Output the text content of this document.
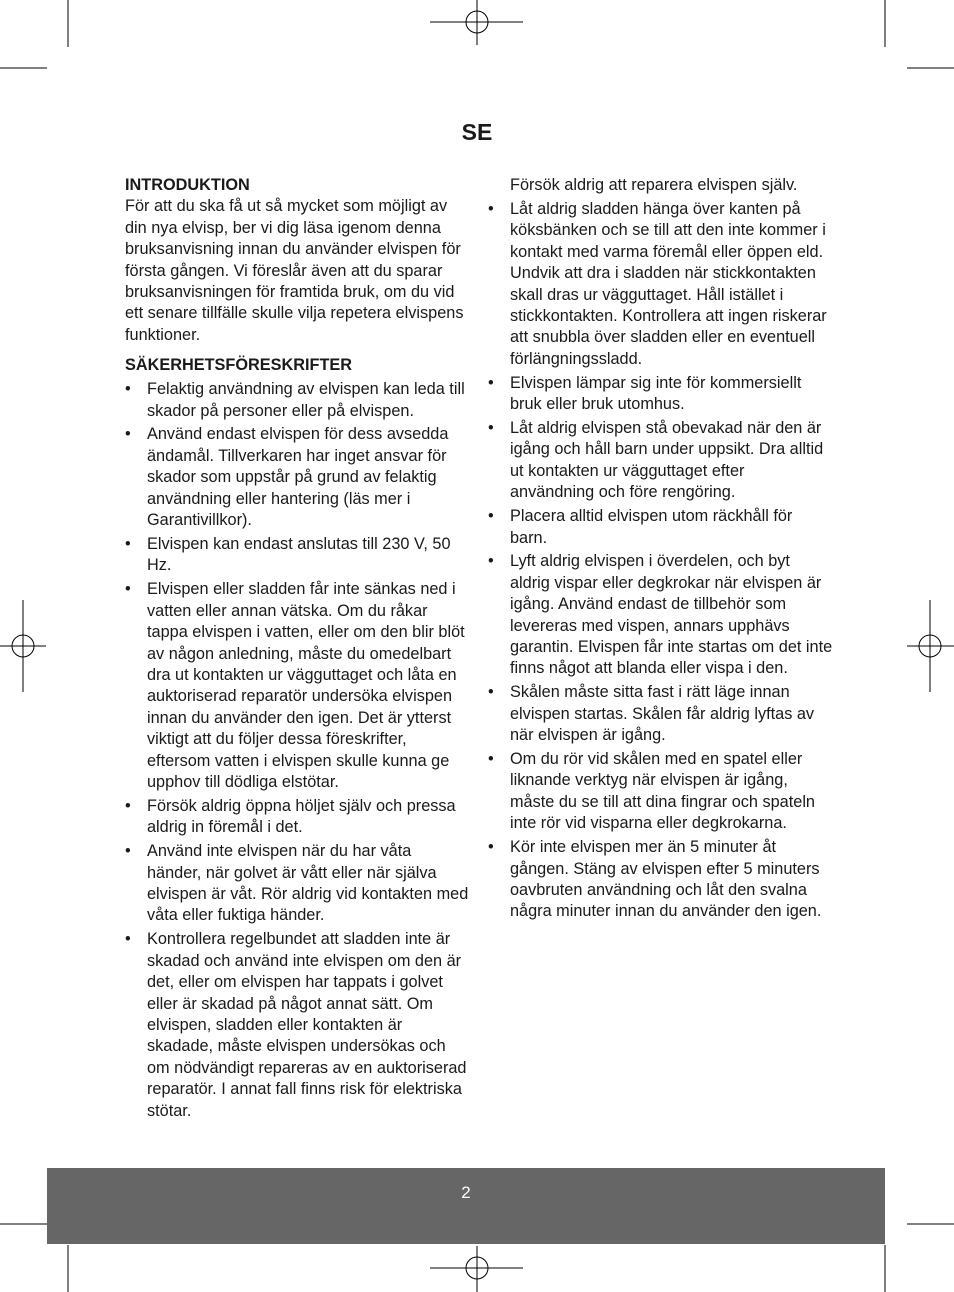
SE

INTRODUKTION

För att du ska få ut så mycket som möjligt av din nya elvisp, ber vi dig läsa igenom denna bruksanvisning innan du använder elvispen för första gången. Vi föreslår även att du sparar bruksanvisningen för framtida bruk, om du vid ett senare tillfälle skulle vilja repetera elvispens funktioner.

SÄKERHETSFÖRESKRIFTER

• Felaktig användning av elvispen kan leda till skador på personer eller på elvispen.
• Använd endast elvispen för dess avsedda ändamål. Tillverkaren har inget ansvar för skador som uppstår på grund av felaktig användning eller hantering (läs mer i Garantivillkor).
• Elvispen kan endast anslutas till 230 V, 50 Hz.
• Elvispen eller sladden får inte sänkas ned i vatten eller annan vätska. Om du råkar tappa elvispen i vatten, eller om den blir blöt av någon anledning, måste du omedelbart dra ut kontakten ur vägguttaget och låta en auktoriserad reparatör undersöka elvispen innan du använder den igen. Det är ytterst viktigt att du följer dessa föreskrifter, eftersom vatten i elvispen skulle kunna ge upphov till dödliga elstötar.
• Försök aldrig öppna höljet själv och pressa aldrig in föremål i det.
• Använd inte elvispen när du har våta händer, när golvet är vått eller när själva elvispen är våt. Rör aldrig vid kontakten med våta eller fuktiga händer.
• Kontrollera regelbundet att sladden inte är skadad och använd inte elvispen om den är det, eller om elvispen har tappats i golvet eller är skadad på något annat sätt. Om elvispen, sladden eller kontakten är skadade, måste elvispen undersökas och om nödvändigt repareras av en auktoriserad reparatör. I annat fall finns risk för elektriska stötar.

Försök aldrig att reparera elvispen själv.

• Låt aldrig sladden hänga över kanten på köksbänken och se till att den inte kommer i kontakt med varma föremål eller öppen eld. Undvik att dra i sladden när stickkontakten skall dras ur vägguttaget. Håll istället i stickkontakten. Kontrollera att ingen riskerar att snubbla över sladden eller en eventuell förlängningssladd.
• Elvispen lämpar sig inte för kommersiellt bruk eller bruk utomhus.
• Låt aldrig elvispen stå obevakad när den är igång och håll barn under uppsikt. Dra alltid ut kontakten ur vägguttaget efter användning och före rengöring.
• Placera alltid elvispen utom räckhåll för barn.
• Lyft aldrig elvispen i överdelen, och byt aldrig vispar eller degkrokar när elvispen är igång. Använd endast de tillbehör som levereras med vispen, annars upphävs garantin. Elvispen får inte startas om det inte finns något att blanda eller vispa i den.
• Skålen måste sitta fast i rätt läge innan elvispen startas. Skålen får aldrig lyftas av när elvispen är igång.
• Om du rör vid skålen med en spatel eller liknande verktyg när elvispen är igång, måste du se till att dina fingrar och spateln inte rör vid visparna eller degkrokarna.
• Kör inte elvispen mer än 5 minuter åt gången. Stäng av elvispen efter 5 minuters oavbruten användning och låt den svalna några minuter innan du använder den igen.
2
